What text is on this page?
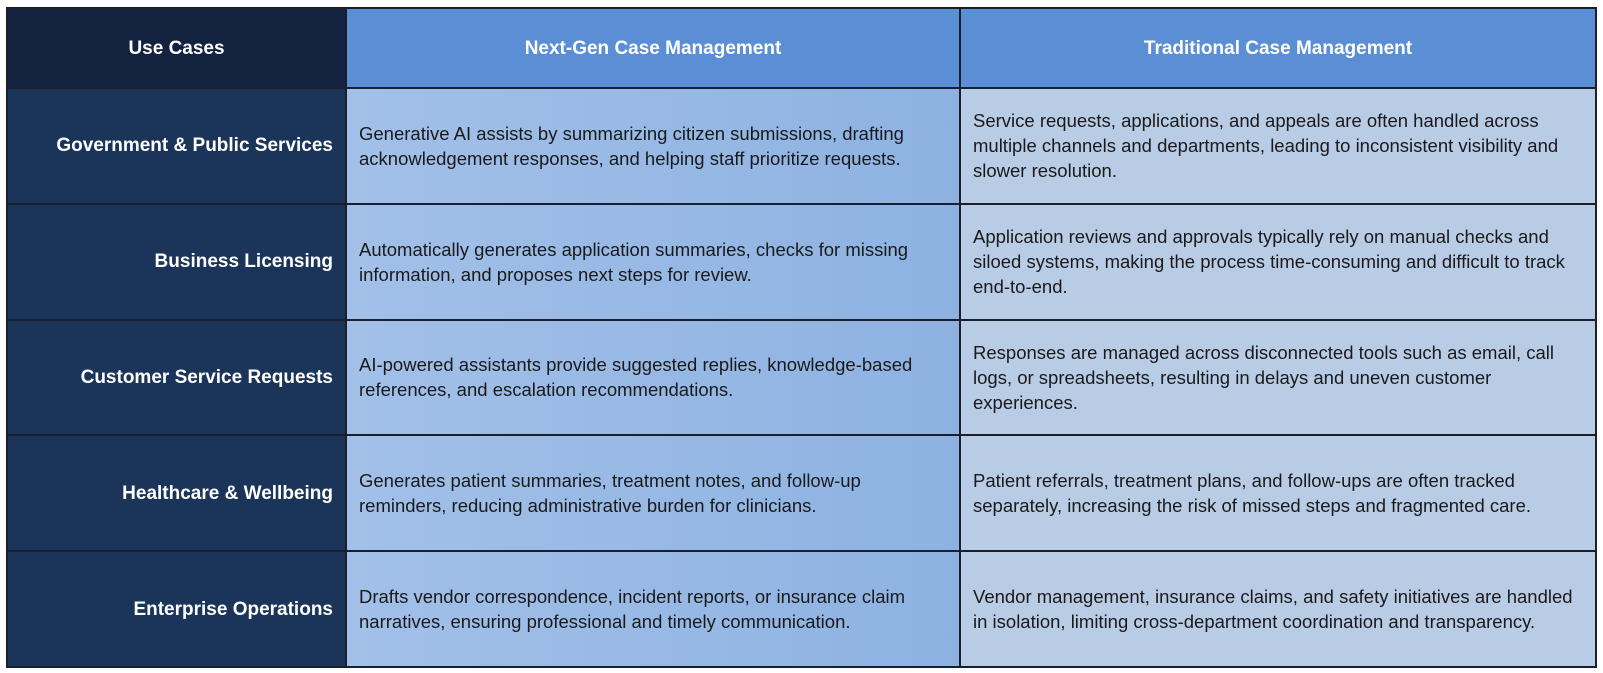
Use Cases	Next-Gen Case Management	Traditional Case Management
Government & Public Services
Generative AI assists by summarizing citizen submissions, drafting acknowledgement responses, and helping staff prioritize requests.
Service requests, applications, and appeals are often handled across multiple channels and departments, leading to inconsistent visibility and slower resolution.
Business Licensing
Automatically generates application summaries, checks for missing information, and proposes next steps for review.
Application reviews and approvals typically rely on manual checks and siloed systems, making the process time-consuming and difficult to track end-to-end.
Customer Service Requests
AI-powered assistants provide suggested replies, knowledge-based references, and escalation recommendations.
Responses are managed across disconnected tools such as email, call logs, or spreadsheets, resulting in delays and uneven customer experiences.
Healthcare & Wellbeing
Generates patient summaries, treatment notes, and follow-up reminders, reducing administrative burden for clinicians.
Patient referrals, treatment plans, and follow-ups are often tracked separately, increasing the risk of missed steps and fragmented care.
Enterprise Operations
Drafts vendor correspondence, incident reports, or insurance claim narratives, ensuring professional and timely communication.
Vendor management, insurance claims, and safety initiatives are handled in isolation, limiting cross-department coordination and transparency.
